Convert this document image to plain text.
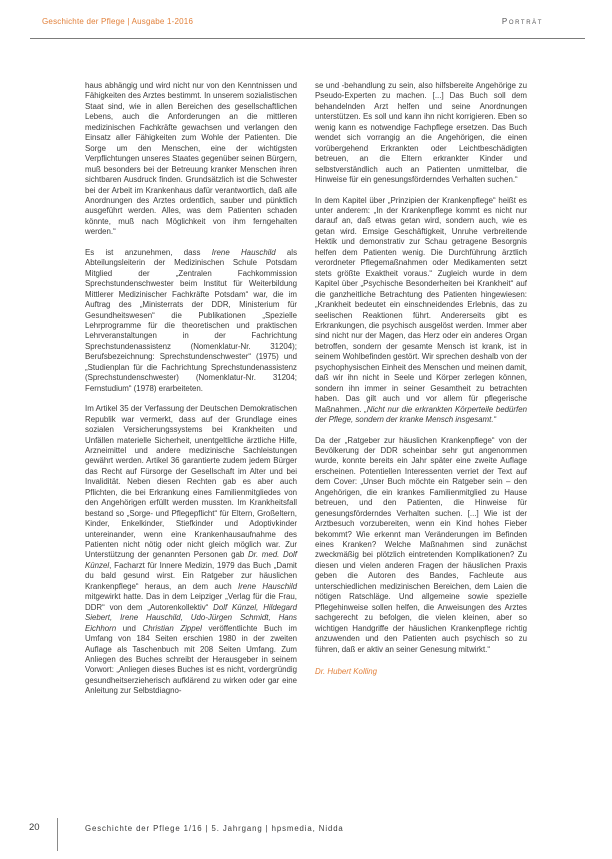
Geschichte der Pflege | Ausgabe 1-2016	Porträt

haus abhängig und wird nicht nur von den Kenntnissen und Fähigkeiten des Arztes bestimmt. In unserem sozialistischen Staat sind, wie in allen Bereichen des gesellschaftlichen Lebens, auch die Anforderungen an die mittleren medizinischen Fachkräfte gewachsen und verlangen den Einsatz aller Fähigkeiten zum Wohle der Patienten. Die Sorge um den Menschen, eine der wichtigsten Verpflichtungen unseres Staates gegenüber seinen Bürgern, muß besonders bei der Betreuung kranker Menschen ihren sichtbaren Ausdruck finden. Grundsätzlich ist die Schwester bei der Arbeit im Krankenhaus dafür verantwortlich, daß alle Anordnungen des Arztes ordentlich, sauber und pünktlich ausgeführt werden. Alles, was dem Patienten schaden könnte, muß nach Möglichkeit von ihm ferngehalten werden.“

Es ist anzunehmen, dass Irene Hauschild als Abteilungsleiterin der Medizinischen Schule Potsdam Mitglied der „Zentralen Fachkommission Sprechstundenschwester beim Institut für Weiterbildung Mittlerer Medizinischer Fachkräfte Potsdam“ war, die im Auftrag des „Ministerrats der DDR, Ministerium für Gesundheitswesen“ die Publikationen „Spezielle Lehrprogramme für die theoretischen und praktischen Lehrveranstaltungen in der Fachrichtung Sprechstundenassistenz (Nomenklatur-Nr. 31204); Berufsbezeichnung: Sprechstundenschwester“ (1975) und „Studienplan für die Fachrichtung Sprechstundenassistenz (Sprechstundenschwester) (Nomenklatur-Nr. 31204; Fernstudium“ (1978) erarbeiteten.

Im Artikel 35 der Verfassung der Deutschen Demokratischen Republik war vermerkt, dass auf der Grundlage eines sozialen Versicherungssystems bei Krankheiten und Unfällen materielle Sicherheit, unentgeltliche ärztliche Hilfe, Arzneimittel und andere medizinische Sachleistungen gewährt werden. Artikel 36 garantierte zudem jedem Bürger das Recht auf Fürsorge der Gesellschaft im Alter und bei Invalidität. Neben diesen Rechten gab es aber auch Pflichten, die bei Erkrankung eines Familienmitgliedes von den Angehörigen erfüllt werden mussten. Im Krankheitsfall bestand so „Sorge- und Pflegepflicht“ für Eltern, Großeltern, Kinder, Enkelkinder, Stiefkinder und Adoptivkinder untereinander, wenn eine Krankenhausaufnahme des Patienten nicht nötig oder nicht gleich möglich war. Zur Unterstützung der genannten Personen gab Dr. med. Dolf Künzel, Facharzt für Innere Medizin, 1979 das Buch „Damit du bald gesund wirst. Ein Ratgeber zur häuslichen Krankenpflege“ heraus, an dem auch Irene Hauschild mitgewirkt hatte. Das in dem Leipziger „Verlag für die Frau, DDR“ von dem „Autorenkollektiv“ Dolf Künzel, Hildegard Siebert, Irene Hauschild, Udo-Jürgen Schmidt, Hans Eichhorn und Christian Zippel veröffentlichte Buch im Umfang von 184 Seiten erschien 1980 in der zweiten Auflage als Taschenbuch mit 208 Seiten Umfang. Zum Anliegen des Buches schreibt der Herausgeber in seinem Vorwort: „Anliegen dieses Buches ist es nicht, vordergründig gesundheitserzieherisch aufklärend zu wirken oder gar eine Anleitung zur Selbstdiagno-

se und -behandlung zu sein, also hilfsbereite Angehörige zu Pseudo-Experten zu machen. [...] Das Buch soll dem behandelnden Arzt helfen und seine Anordnungen unterstützen. Es soll und kann ihn nicht korrigieren. Eben so wenig kann es notwendige Fachpflege ersetzen. Das Buch wendet sich vorrangig an die Angehörigen, die einen vorübergehend Erkrankten oder Leichtbeschädigten betreuen, an die Eltern erkrankter Kinder und selbstverständlich auch an Patienten unmittelbar, die Hinweise für ein genesungsförderndes Verhalten suchen.“

In dem Kapitel über „Prinzipien der Krankenpflege“ heißt es unter anderem: „In der Krankenpflege kommt es nicht nur darauf an, daß etwas getan wird, sondern auch, wie es getan wird. Emsige Geschäftigkeit, Unruhe verbreitende Hektik und demonstrativ zur Schau getragene Besorgnis helfen dem Patienten wenig. Die Durchführung ärztlich verordneter Pflegemaßnahmen oder Medikamenten setzt stets größte Exaktheit voraus.“ Zugleich wurde in dem Kapitel über „Psychische Besonderheiten bei Krankheit“ auf die ganzheitliche Betrachtung des Patienten hingewiesen: „Krankheit bedeutet ein einschneidendes Erlebnis, das zu seelischen Reaktionen führt. Andererseits gibt es Erkrankungen, die psychisch ausgelöst werden. Immer aber sind nicht nur der Magen, das Herz oder ein anderes Organ betroffen, sondern der gesamte Mensch ist krank, ist in seinem Wohlbefinden gestört. Wir sprechen deshalb von der psychophysischen Einheit des Menschen und meinen damit, daß wir ihn nicht in Seele und Körper zerlegen können, sondern ihn immer in seiner Gesamtheit zu betrachten haben. Das gilt auch und vor allem für pflegerische Maßnahmen. „Nicht nur die erkrankten Körperteile bedürfen der Pflege, sondern der kranke Mensch insgesamt.“

Da der „Ratgeber zur häuslichen Krankenpflege“ von der Bevölkerung der DDR scheinbar sehr gut angenommen wurde, konnte bereits ein Jahr später eine zweite Auflage erscheinen. Potentiellen Interessenten verriet der Text auf dem Cover: „Unser Buch möchte ein Ratgeber sein – den Angehörigen, die ein krankes Familienmitglied zu Hause betreuen, und den Patienten, die Hinweise für genesungsförderndes Verhalten suchen. [...] Wie ist der Arztbesuch vorzubereiten, wenn ein Kind hohes Fieber bekommt? Wie erkennt man Veränderungen im Befinden eines Kranken? Welche Maßnahmen sind zunächst zweckmäßig bei plötzlich eintretenden Komplikationen? Zu diesen und vielen anderen Fragen der häuslichen Praxis geben die Autoren des Bandes, Fachleute aus unterschiedlichen medizinischen Bereichen, dem Laien die nötigen Ratschläge. Und allgemeine sowie spezielle Pflegehinweise sollen helfen, die Anweisungen des Arztes sachgerecht zu befolgen, die vielen kleinen, aber so wichtigen Handgriffe der häuslichen Krankenpflege richtig anzuwenden und den Patienten auch psychisch so zu führen, daß er aktiv an seiner Genesung mitwirkt.“

Dr. Hubert Kolling
20	Geschichte der Pflege 1/16 | 5. Jahrgang | hpsmedia, Nidda
